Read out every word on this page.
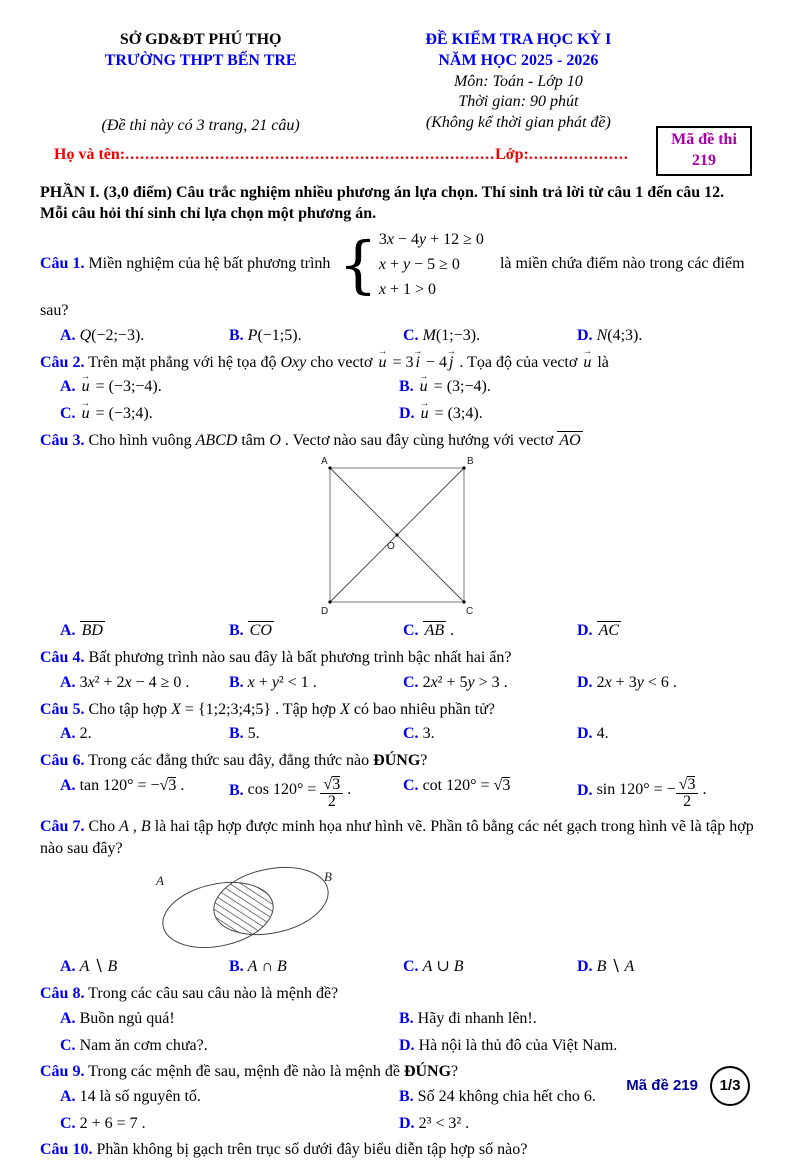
SỞ GD&ĐT PHÚ THỌ
TRƯỜNG THPT BẾN TRE
(Đề thi này có 3 trang, 21 câu)
ĐỀ KIỂM TRA HỌC KỲ I
NĂM HỌC 2025 - 2026
Môn: Toán - Lớp 10
Thời gian: 90 phút
(Không kể thời gian phát đề)
Mã đề thi
219
Họ và tên:..........................................................................Lớp:....................
PHẦN I. (3,0 điểm) Câu trắc nghiệm nhiều phương án lựa chọn. Thí sinh trả lời từ câu 1 đến câu 12. Mỗi câu hỏi thí sinh chỉ lựa chọn một phương án.

Câu 1. Miền nghiệm của hệ bất phương trình { 3x − 4y + 12 ≥ 0
x + y − 5 ≥ 0
x + 1 > 0
là miền chứa điểm nào trong các điểm sau?

A. Q(−2;−3).	B. P(−1;5).	C. M(1;−3).	D. N(4;3).

Câu 2. Trên mặt phẳng với hệ tọa độ Oxy cho vectơ u → = 3 i → − 4 j → . Tọa độ của vectơ u → là

A. u → = (−3;−4).	B. u → = (3;−4).
C. u → = (−3;4).	D. u → = (3;4).

Câu 3. Cho hình vuông ABCD tâm O . Vectơ nào sau đây cùng hướng với vectơ AO

A	B
D	C
O
A. BD	B. CO	C. AB .	D. AC

Câu 4. Bất phương trình nào sau đây là bất phương trình bậc nhất hai ẩn?

A. 3x² + 2x − 4 ≥ 0 .	B. x + y² < 1 .	C. 2x² + 5y > 3 .	D. 2x + 3y < 6 .

Câu 5. Cho tập hợp X = {1;2;3;4;5} . Tập hợp X có bao nhiêu phần tử?

A. 2.	B. 5.	C. 3.	D. 4.

Câu 6. Trong các đẳng thức sau đây, đẳng thức nào ĐÚNG?

A. tan 120° = −√3 .	B. $\cos 120^\circ = \frac{√3}{2}$ .	C. cot 120° = √3	D. sin 120° = − $\frac{√3}{2}$ .

Câu 7. Cho A , B là hai tập hợp được minh họa như hình vẽ. Phần tô bằng các nét gạch trong hình vẽ là tập hợp nào sau đây?

A	B
A. A ∖ B	B. A ∩ B	C. A ∪ B	D. B ∖ A

Câu 8. Trong các câu sau câu nào là mệnh đề?

A. Buồn ngủ quá!	B. Hãy đi nhanh lên!.
C. Nam ăn cơm chưa?.	D. Hà nội là thủ đô của Việt Nam.

Câu 9. Trong các mệnh đề sau, mệnh đề nào là mệnh đề ĐÚNG?

A. 14 là số nguyên tố.	B. Số 24 không chia hết cho 6.
C. 2 + 6 = 7 .	D. 2³ < 3² .

Câu 10. Phần không bị gạch trên trục số dưới đây biểu diễn tập hợp số nào?

Mã đề 219	1/3
